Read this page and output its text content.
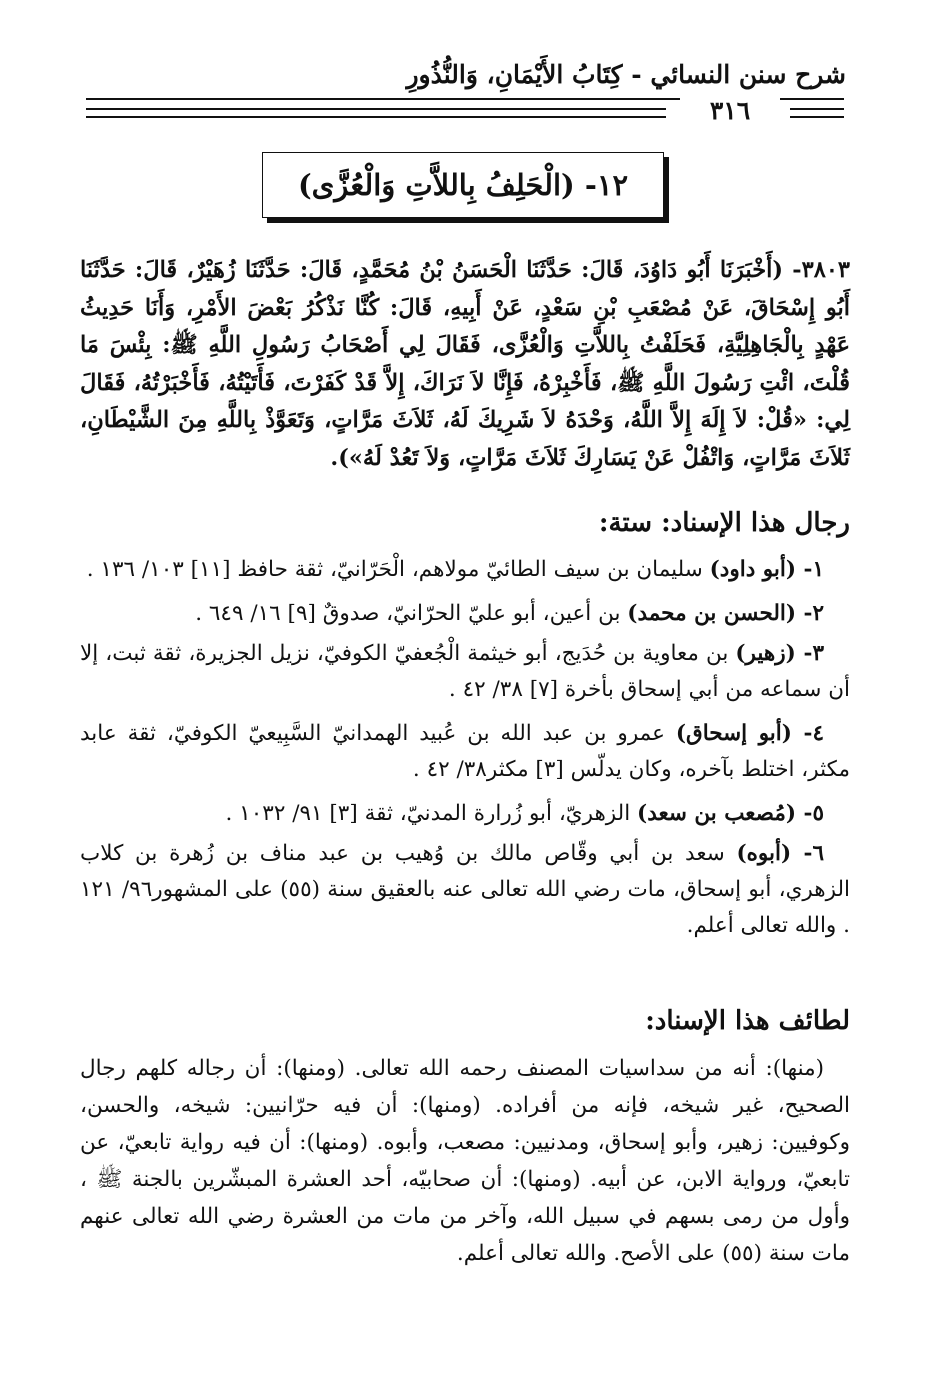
شرح سنن النسائي - كِتَابُ الأَيْمَانِ، وَالنُّذُورِ
٣١٦
١٢- (الْحَلِفُ بِاللاَّتِ وَالْعُزَّى)

٣٨٠٣- (أَخْبَرَنَا أَبُو دَاوُدَ، قَالَ: حَدَّثَنَا الْحَسَنُ بْنُ مُحَمَّدٍ، قَالَ: حَدَّثَنَا زُهَيْرٌ، قَالَ: حَدَّثَنَا أَبُو إِسْحَاقَ، عَنْ مُصْعَبِ بْنِ سَعْدٍ، عَنْ أَبِيهِ، قَالَ: كُنَّا نَذْكُرُ بَعْضَ الأَمْرِ، وَأَنَا حَدِيثُ عَهْدٍ بِالْجَاهِلِيَّةِ، فَحَلَفْتُ بِاللاَّتِ وَالْعُزَّى، فَقَالَ لِي أَصْحَابُ رَسُولِ اللَّهِ ﷺ: بِئْسَ مَا قُلْتَ، ائْتِ رَسُولَ اللَّهِ ﷺ، فَأَخْبِرْهُ، فَإِنَّا لاَ نَرَاكَ، إِلاَّ قَدْ كَفَرْتَ، فَأَتَيْتُهُ، فَأَخْبَرْتُهُ، فَقَالَ لِي: «قُلْ: لاَ إِلَهَ إِلاَّ اللَّهُ، وَحْدَهُ لاَ شَرِيكَ لَهُ، ثَلاَثَ مَرَّاتٍ، وَتَعَوَّذْ بِاللَّهِ مِنَ الشَّيْطَانِ، ثَلاَثَ مَرَّاتٍ، وَاتْفُلْ عَنْ يَسَارِكَ ثَلاَثَ مَرَّاتٍ، وَلاَ تَعُدْ لَهُ»).

رجال هذا الإسناد: ستة:
١- (أبو داود) سليمان بن سيف الطائيّ مولاهم، الْحَرّانيّ، ثقة حافظ [١١] ١٠٣/ ١٣٦ .
٢- (الحسن بن محمد) بن أعين، أبو عليّ الحرّانيّ، صدوقٌ [٩] ١٦/ ٦٤٩ .
٣- (زهير) بن معاوية بن حُدَيج، أبو خيثمة الْجُعفيّ الكوفيّ، نزيل الجزيرة، ثقة ثبت، إلا أن سماعه من أبي إسحاق بأخرة [٧] ٣٨/ ٤٢ .
٤- (أبو إسحاق) عمرو بن عبد الله بن عُبيد الهمدانيّ السَّبِيعيّ الكوفيّ، ثقة عابد مكثر، اختلط بآخره، وكان يدلّس [٣] مكثر٣٨/ ٤٢ .
٥- (مُصعب بن سعد) الزهريّ، أبو زُرارة المدنيّ، ثقة [٣] ٩١/ ١٠٣٢ .
٦- (أبوه) سعد بن أبي وقّاص مالك بن وُهيب بن عبد مناف بن زُهرة بن كلاب الزهري، أبو إسحاق، مات رضي الله تعالى عنه بالعقيق سنة (٥٥) على المشهور٩٦/ ١٢١ . والله تعالى أعلم.
لطائف هذا الإسناد:

(منها): أنه من سداسيات المصنف رحمه الله تعالى. (ومنها): أن رجاله كلهم رجال الصحيح، غير شيخه، فإنه من أفراده. (ومنها): أن فيه حرّانيين: شيخه، والحسن، وكوفيين: زهير، وأبو إسحاق، ومدنيين: مصعب، وأبوه. (ومنها): أن فيه رواية تابعيّ، عن تابعيّ، ورواية الابن، عن أبيه. (ومنها): أن صحابيّه، أحد العشرة المبشّرين بالجنة ﷺ ، وأول من رمى بسهم في سبيل الله، وآخر من مات من العشرة رضي الله تعالى عنهم مات سنة (٥٥) على الأصح. والله تعالى أعلم.
